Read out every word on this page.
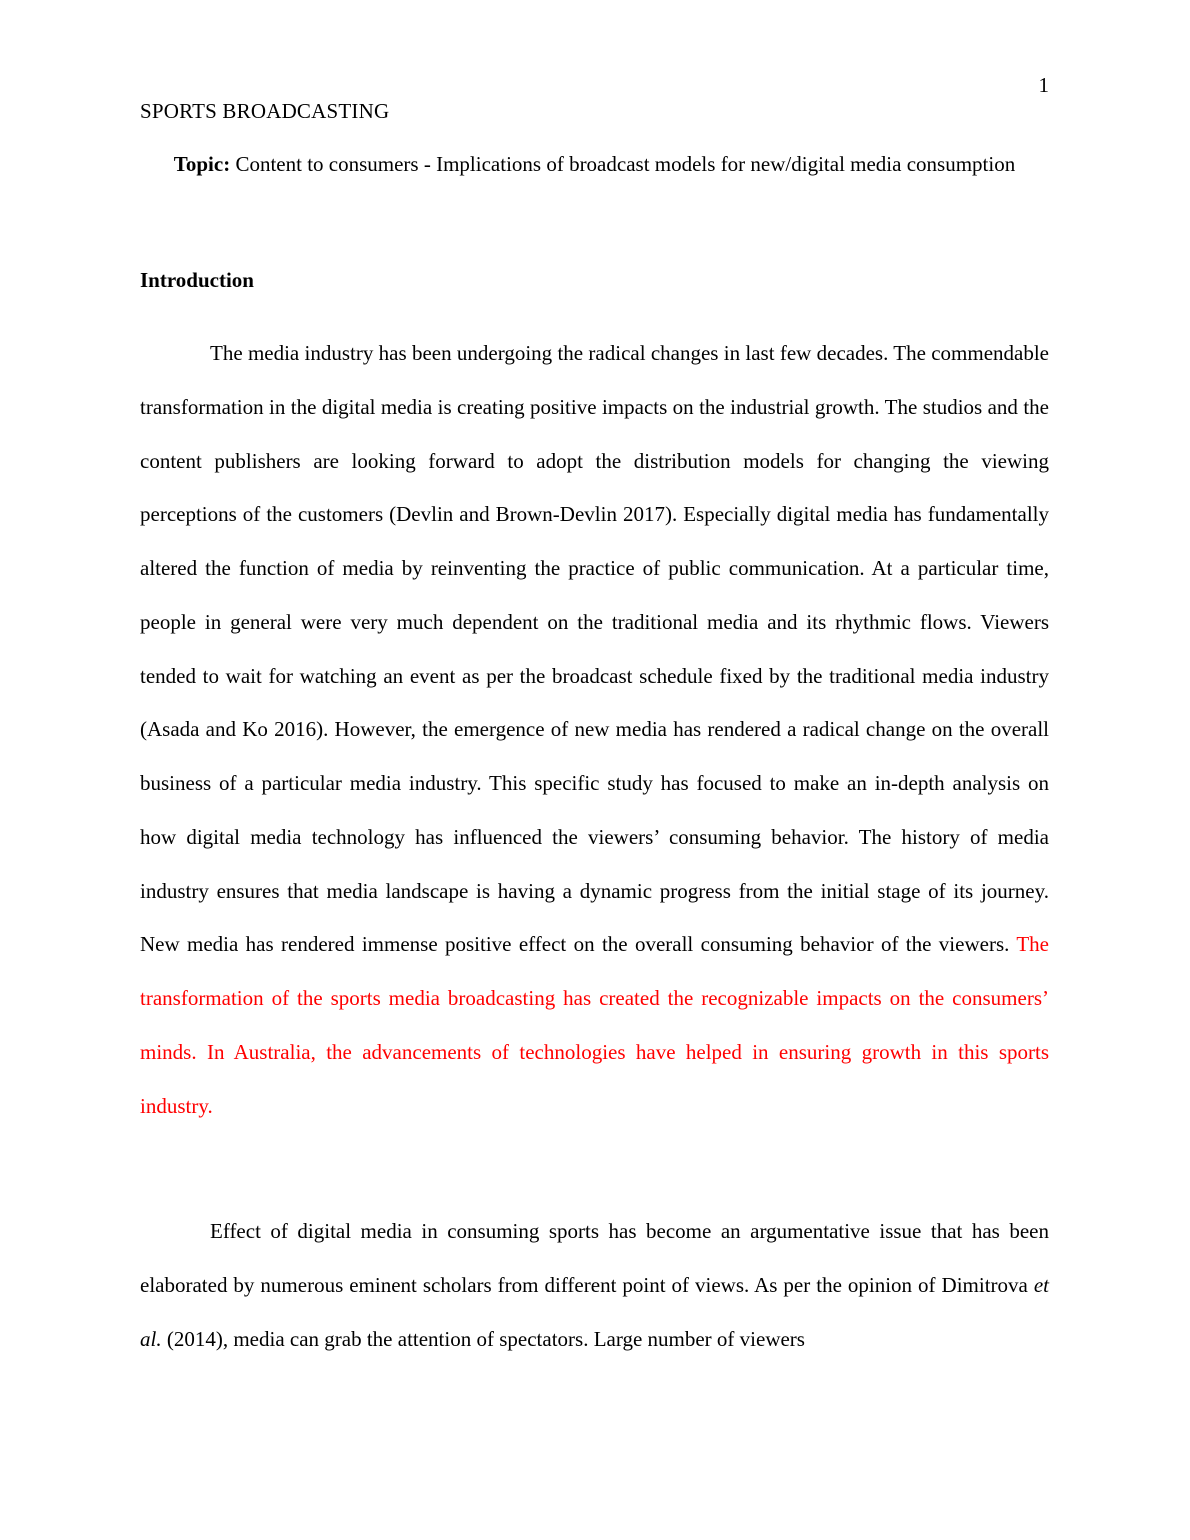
1
SPORTS BROADCASTING
Topic: Content to consumers - Implications of broadcast models for new/digital media consumption
Introduction

The media industry has been undergoing the radical changes in last few decades. The commendable transformation in the digital media is creating positive impacts on the industrial growth. The studios and the content publishers are looking forward to adopt the distribution models for changing the viewing perceptions of the customers (Devlin and Brown-Devlin 2017). Especially digital media has fundamentally altered the function of media by reinventing the practice of public communication. At a particular time, people in general were very much dependent on the traditional media and its rhythmic flows. Viewers tended to wait for watching an event as per the broadcast schedule fixed by the traditional media industry (Asada and Ko 2016). However, the emergence of new media has rendered a radical change on the overall business of a particular media industry. This specific study has focused to make an in-depth analysis on how digital media technology has influenced the viewers’ consuming behavior. The history of media industry ensures that media landscape is having a dynamic progress from the initial stage of its journey. New media has rendered immense positive effect on the overall consuming behavior of the viewers. The transformation of the sports media broadcasting has created the recognizable impacts on the consumers’ minds. In Australia, the advancements of technologies have helped in ensuring growth in this sports industry.

Effect of digital media in consuming sports has become an argumentative issue that has been elaborated by numerous eminent scholars from different point of views. As per the opinion of Dimitrova et al. (2014), media can grab the attention of spectators. Large number of viewers
